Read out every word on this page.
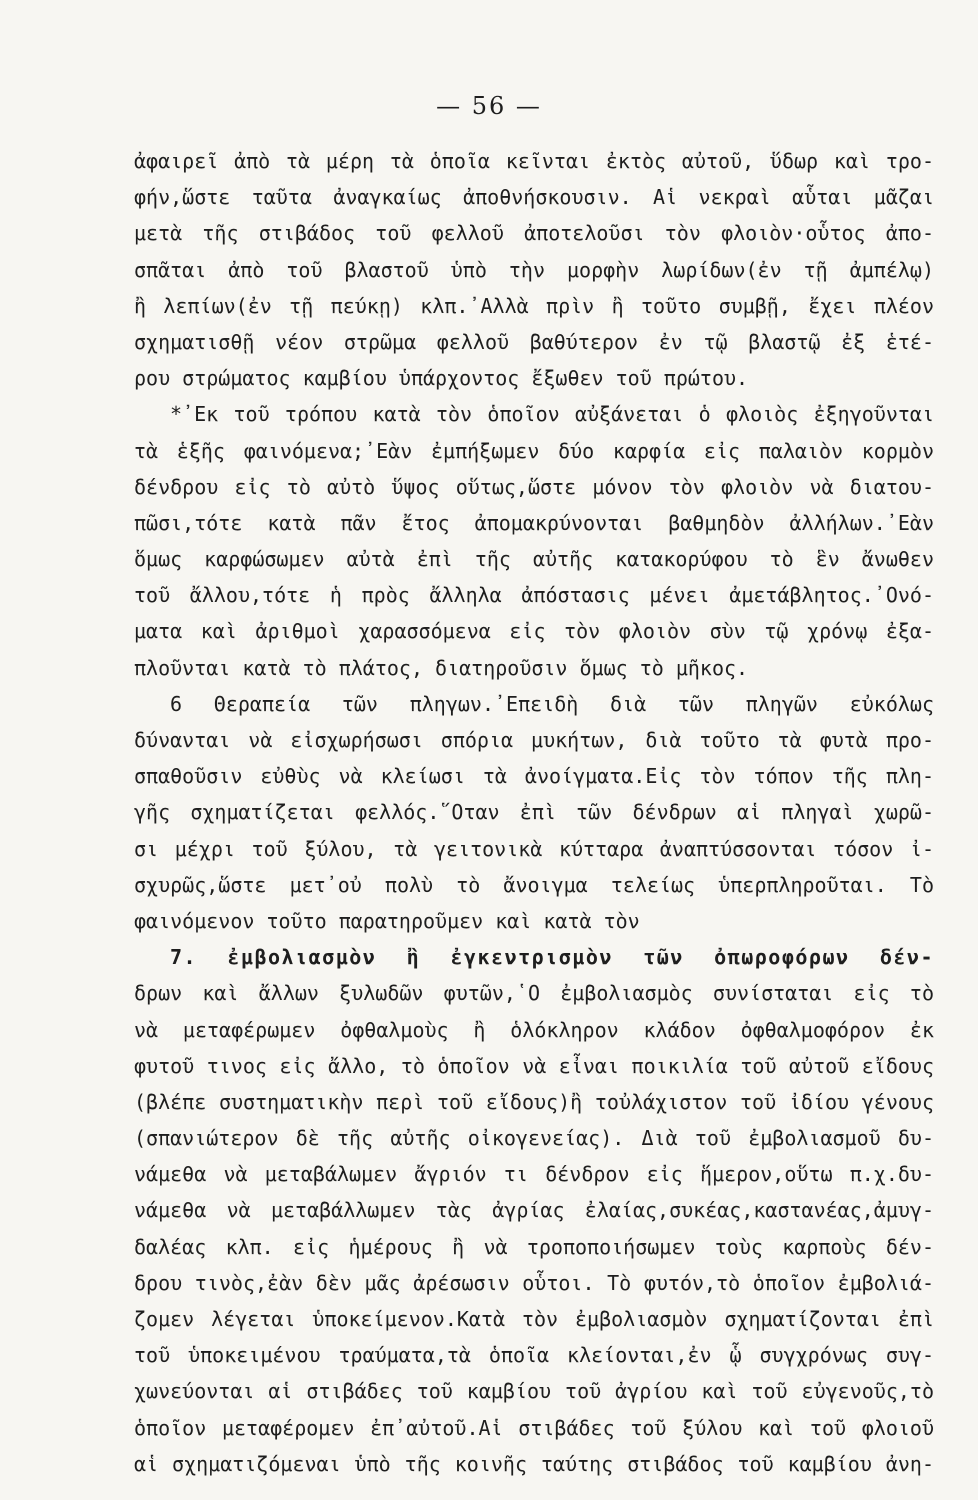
— 56 —
ἀφαιρεῖ ἀπὸ τὰ μέρη τὰ ὁποῖα κεῖνται ἐκτὸς αὐτοῦ, ὕδωρ καὶ τρο-
φήν,ὥστε ταῦτα ἀναγκαίως ἀποθνήσκουσιν. Αἱ νεκραὶ αὗται μᾶζαι
μετὰ τῆς στιβάδος τοῦ φελλοῦ ἀποτελοῦσι τὸν φλοιὸν·οὗτος ἀπο-
σπᾶται ἀπὸ τοῦ βλαστοῦ ὑπὸ τὴν μορφὴν λωρίδων(ἐν τῇ ἀμπέλῳ)
ἢ λεπίων(ἐν τῇ πεύκῃ) κλπ.᾿Αλλὰ πρὶν ἢ τοῦτο συμβῇ, ἔχει πλέον
σχηματισθῇ νέον στρῶμα φελλοῦ βαθύτερον ἐν τῷ βλαστῷ ἐξ ἑτέ-
ρου στρώματος καμβίου ὑπάρχοντος ἔξωθεν τοῦ πρώτου.
*᾿Εκ τοῦ τρόπου κατὰ τὸν ὁποῖον αὐξάνεται ὁ φλοιὸς ἐξηγοῦνται
τὰ ἑξῆς φαινόμενα;᾿Εὰν ἐμπήξωμεν δύο καρφία εἰς παλαιὸν κορμὸν
δένδρου εἰς τὸ αὐτὸ ὕψος οὕτως,ὥστε μόνον τὸν φλοιὸν νὰ διατου-
πῶσι,τότε κατὰ πᾶν ἔτος ἀπομακρύνονται βαθμηδὸν ἀλλήλων.᾿Εὰν
ὅμως καρφώσωμεν αὐτὰ ἐπὶ τῆς αὐτῆς κατακορύφου τὸ ἓν ἄνωθεν
τοῦ ἄλλου,τότε ἡ πρὸς ἄλληλα ἀπόστασις μένει ἀμετάβλητος.᾿Ονό-
ματα καὶ ἀριθμοὶ χαρασσόμενα εἰς τὸν φλοιὸν σὺν τῷ χρόνῳ ἐξα-
πλοῦνται κατὰ τὸ πλάτος, διατηροῦσιν ὅμως τὸ μῆκος.
6 Θεραπεία τῶν πληγων.᾿Επειδὴ διὰ τῶν πληγῶν εὐκόλως
δύνανται νὰ εἰσχωρήσωσι σπόρια μυκήτων, διὰ τοῦτο τὰ φυτὰ προ-
σπαθοῦσιν εὐθὺς νὰ κλείωσι τὰ ἀνοίγματα.Εἰς τὸν τόπον τῆς πλη-
γῆς σχηματίζεται φελλός.῞Οταν ἐπὶ τῶν δένδρων αἱ πληγαὶ χωρῶ-
σι μέχρι τοῦ ξύλου, τὰ γειτονικὰ κύτταρα ἀναπτύσσονται τόσον ἰ-
σχυρῶς,ὥστε μετ᾿οὐ πολὺ τὸ ἄνοιγμα τελείως ὑπερπληροῦται. Τὸ
φαινόμενον τοῦτο παρατηροῦμεν καὶ κατὰ τὸν
7. ἐμβολιασμὸν ἢ ἐγκεντρισμὸν τῶν ὀπωροφόρων δέν-
δρων καὶ ἄλλων ξυλωδῶν φυτῶν,῾Ο ἐμβολιασμὸς συνίσταται εἰς τὸ
νὰ μεταφέρωμεν ὀφθαλμοὺς ἢ ὁλόκληρον κλάδον ὀφθαλμοφόρον ἐκ
φυτοῦ τινος εἰς ἄλλο, τὸ ὁποῖον νὰ εἶναι ποικιλία τοῦ αὐτοῦ εἴδους
(βλέπε συστηματικὴν περὶ τοῦ εἴδους)ἢ τοὐλάχιστον τοῦ ἰδίου γένους
(σπανιώτερον δὲ τῆς αὐτῆς οἰκογενείας). Διὰ τοῦ ἐμβολιασμοῦ δυ-
νάμεθα νὰ μεταβάλωμεν ἄγριόν τι δένδρον εἰς ἥμερον,οὕτω π.χ.δυ-
νάμεθα νὰ μεταβάλλωμεν τὰς ἀγρίας ἐλαίας,συκέας,καστανέας,ἀμυγ-
δαλέας κλπ. εἰς ἡμέρους ἢ νὰ τροποποιήσωμεν τοὺς καρποὺς δέν-
δρου τινὸς,ἐὰν δὲν μᾶς ἀρέσωσιν οὗτοι. Τὸ φυτόν,τὸ ὁποῖον ἐμβολιά-
ζομεν λέγεται ὑποκείμενον.Κατὰ τὸν ἐμβολιασμὸν σχηματίζονται ἐπὶ
τοῦ ὑποκειμένου τραύματα,τὰ ὁποῖα κλείονται,ἐν ᾧ συγχρόνως συγ-
χωνεύονται αἱ στιβάδες τοῦ καμβίου τοῦ ἀγρίου καὶ τοῦ εὐγενοῦς,τὸ
ὁποῖον μεταφέρομεν ἐπ᾿αὐτοῦ.Αἱ στιβάδες τοῦ ξύλου καὶ τοῦ φλοιοῦ
αἱ σχηματιζόμεναι ὑπὸ τῆς κοινῆς ταύτης στιβάδος τοῦ καμβίου ἀνη-
